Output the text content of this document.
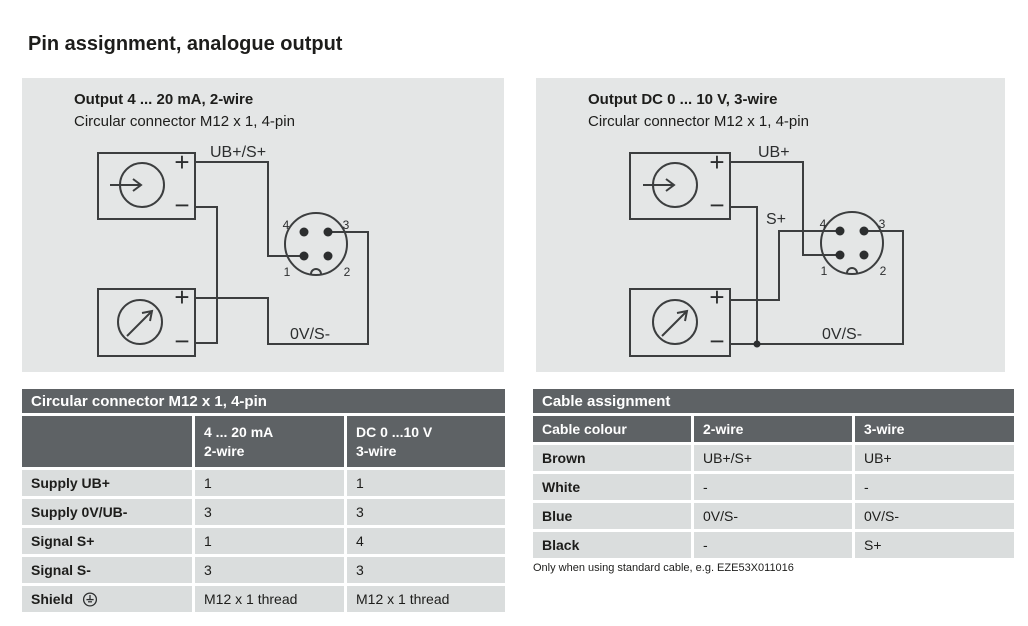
Pin assignment, analogue output
+
−
+
−
4	3
1	2
UB+/S+
0V/S-
Output 4 ... 20 mA, 2-wire
Circular connector M12 x 1, 4-pin
+
−
+
−
4	3
1	2
UB+
S+
0V/S-
Output DC 0 ... 10 V, 3-wire
Circular connector M12 x 1, 4-pin
Circular connector M12 x 1, 4-pin
4 ... 20 mA
2-wire
DC 0 ...10 V
3-wire
Supply UB+	1	1
Supply 0V/UB-	3	3
Signal S+	1	4
Signal S-	3	3
Shield	M12 x 1 thread	M12 x 1 thread
Cable assignment
Cable colour	2-wire	3-wire
Brown	UB+/S+	UB+
White	-	-
Blue	0V/S-	0V/S-
Black	-	S+
Only when using standard cable, e.g. EZE53X011016
